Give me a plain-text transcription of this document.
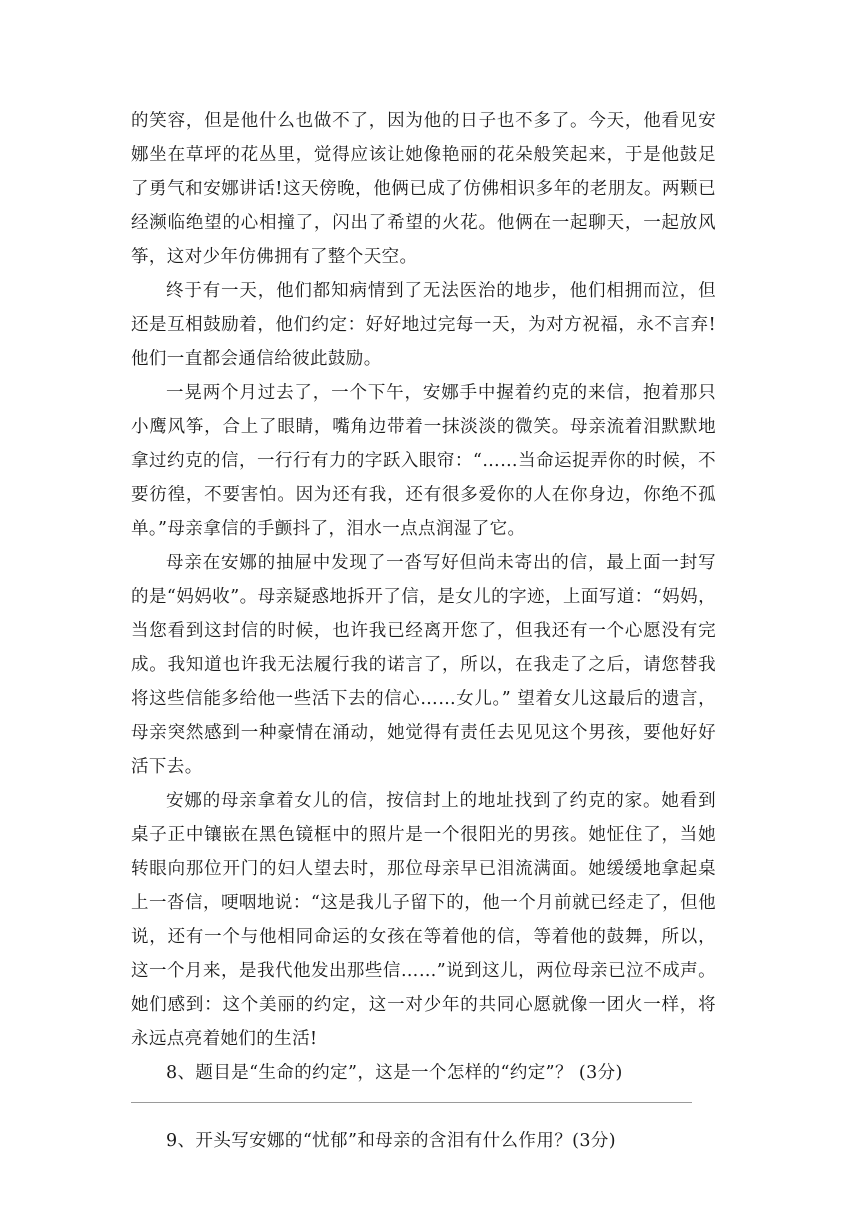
的笑容，但是他什么也做不了，因为他的日子也不多了。今天，他看见安娜坐在草坪的花丛里，觉得应该让她像艳丽的花朵般笑起来，于是他鼓足了勇气和安娜讲话!这天傍晚，他俩已成了仿佛相识多年的老朋友。两颗已经濒临绝望的心相撞了，闪出了希望的火花。他俩在一起聊天，一起放风筝，这对少年仿佛拥有了整个天空。

终于有一天，他们都知病情到了无法医治的地步，他们相拥而泣，但还是互相鼓励着，他们约定：好好地过完每一天，为对方祝福，永不言弃!他们一直都会通信给彼此鼓励。

一晃两个月过去了，一个下午，安娜手中握着约克的来信，抱着那只小鹰风筝，合上了眼睛，嘴角边带着一抹淡淡的微笑。母亲流着泪默默地拿过约克的信，一行行有力的字跃入眼帘：“……当命运捉弄你的时候，不要彷徨，不要害怕。因为还有我，还有很多爱你的人在你身边，你绝不孤单。”母亲拿信的手颤抖了，泪水一点点润湿了它。

母亲在安娜的抽屉中发现了一沓写好但尚未寄出的信，最上面一封写的是“妈妈收”。母亲疑惑地拆开了信，是女儿的字迹，上面写道：“妈妈，当您看到这封信的时候，也许我已经离开您了，但我还有一个心愿没有完成。我知道也许我无法履行我的诺言了，所以，在我走了之后，请您替我将这些信能多给他一些活下去的信心……女儿。” 望着女儿这最后的遗言，母亲突然感到一种豪情在涌动，她觉得有责任去见见这个男孩，要他好好活下去。

安娜的母亲拿着女儿的信，按信封上的地址找到了约克的家。她看到桌子正中镶嵌在黑色镜框中的照片是一个很阳光的男孩。她怔住了，当她转眼向那位开门的妇人望去时，那位母亲早已泪流满面。她缓缓地拿起桌上一沓信，哽咽地说：“这是我儿子留下的，他一个月前就已经走了，但他说，还有一个与他相同命运的女孩在等着他的信，等着他的鼓舞，所以，这一个月来，是我代他发出那些信……”说到这儿，两位母亲已泣不成声。她们感到：这个美丽的约定，这一对少年的共同心愿就像一团火一样，将永远点亮着她们的生活!

8、题目是“生命的约定”，这是一个怎样的“约定”？ (3分)

9、开头写安娜的“忧郁”和母亲的含泪有什么作用？(3分)
